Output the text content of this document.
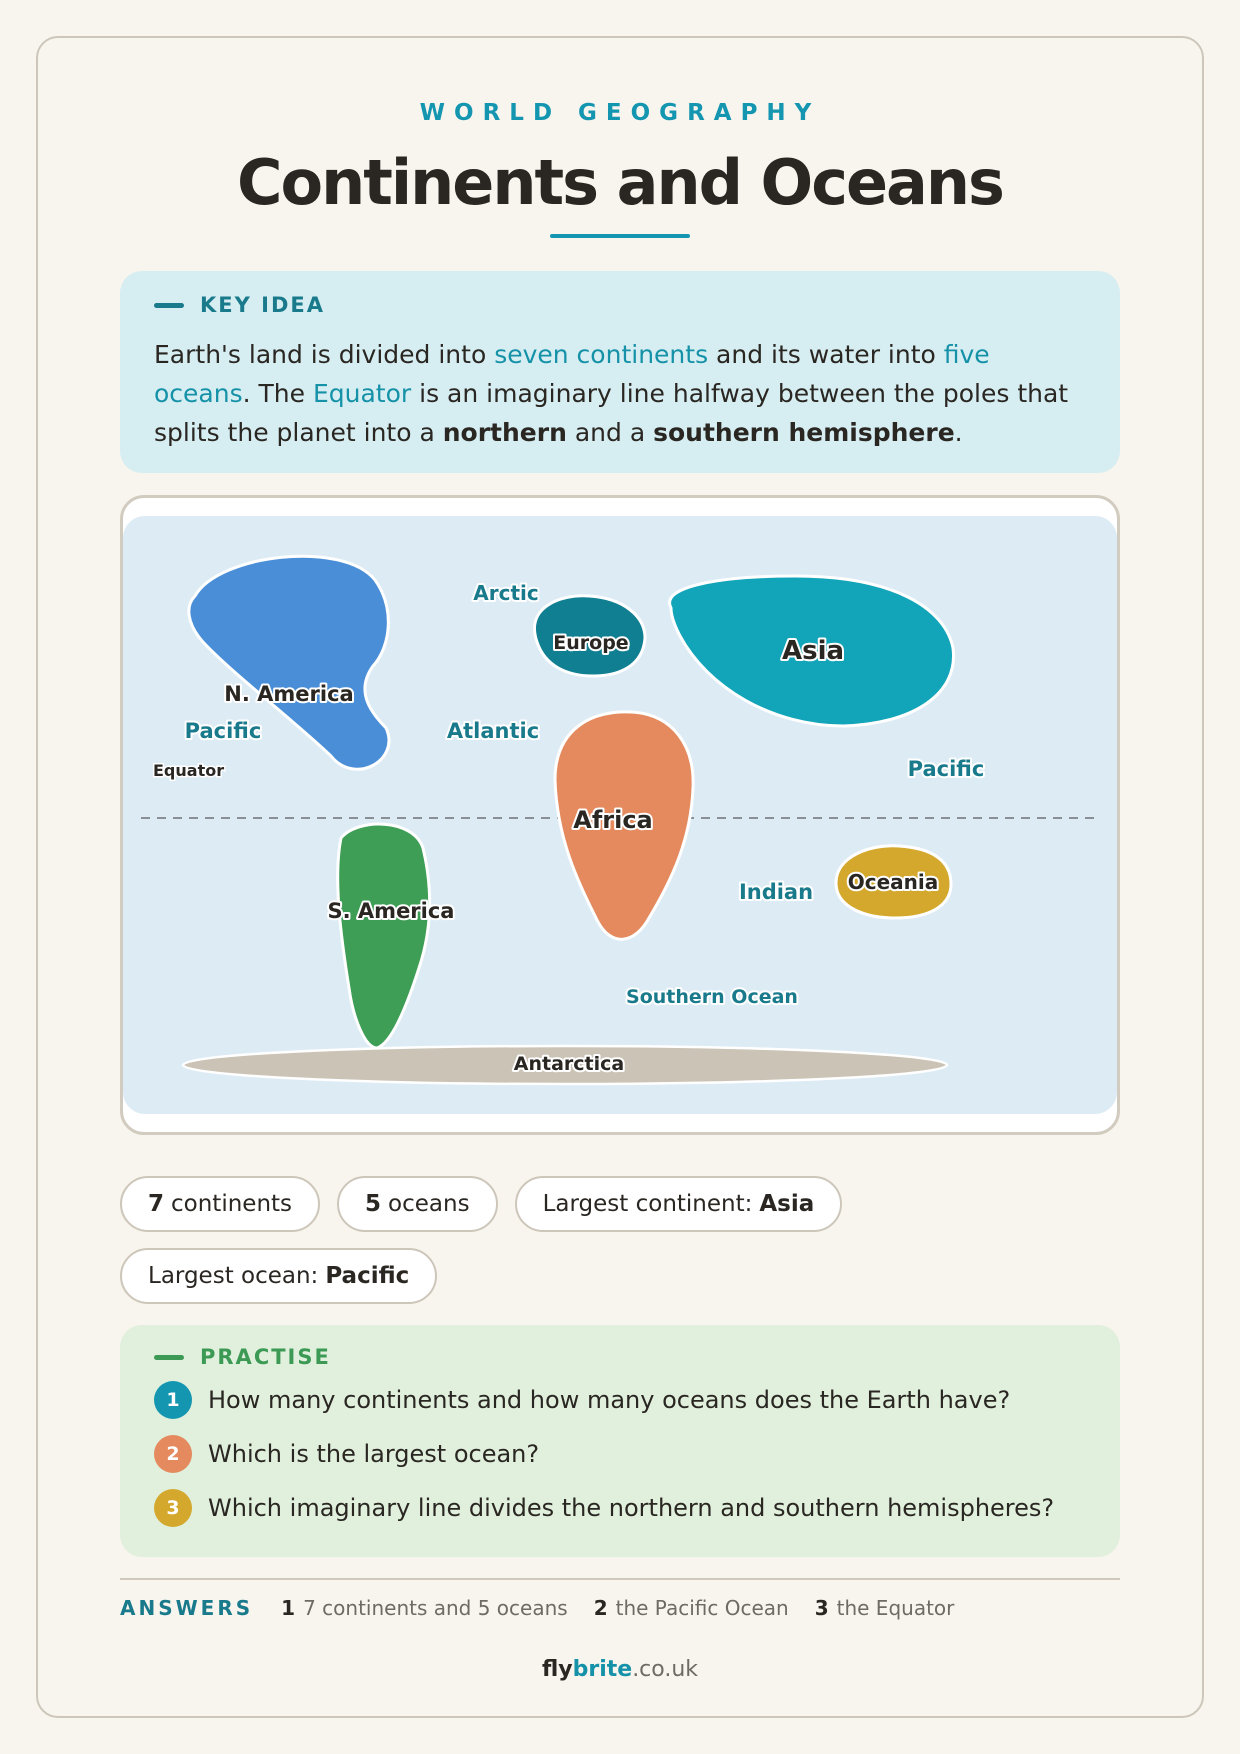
WORLD GEOGRAPHY
Continents and Oceans
KEY IDEA
Earth's land is divided into seven continents and its water into five oceans. The Equator is an imaginary line halfway between the poles that splits the planet into a northern and a southern hemisphere.
N. America
S. America
Europe	Asia
Africa
Oceania
Antarctica
Arctic
Pacific	Atlantic
Pacific
Indian
Southern Ocean
Equator
7 continents	5 oceans	Largest continent: Asia
Largest ocean: Pacific
PRACTISE
1	How many continents and how many oceans does the Earth have?
2	Which is the largest ocean?
3	Which imaginary line divides the northern and southern hemispheres?
ANSWERS 1 7 continents and 5 oceans 2 the Pacific Ocean 3 the Equator
flybrite.co.uk
